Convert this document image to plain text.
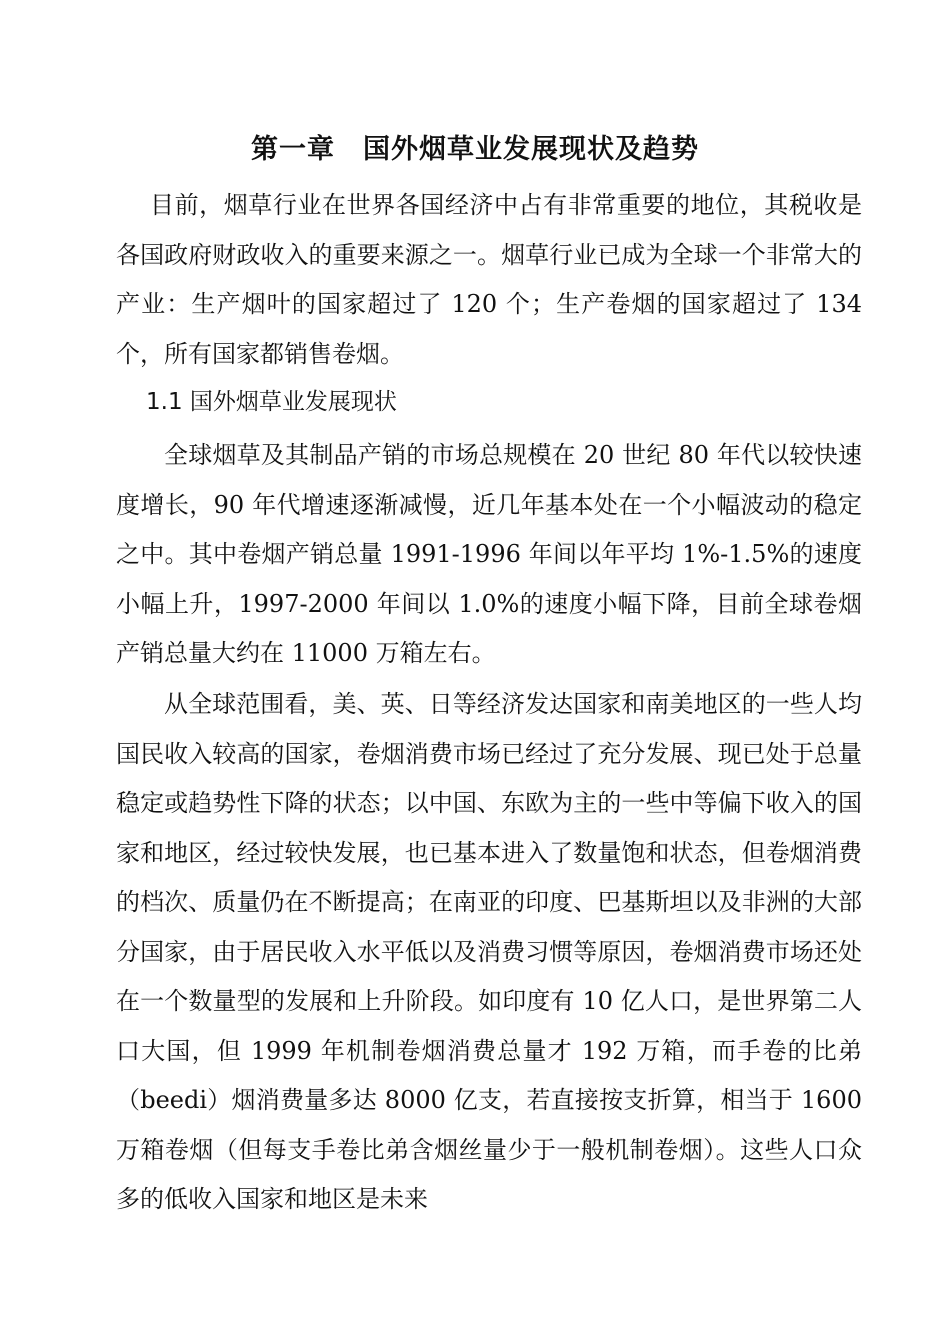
第一章　国外烟草业发展现状及趋势

目前，烟草行业在世界各国经济中占有非常重要的地位，其税收是各国政府财政收入的重要来源之一。烟草行业已成为全球一个非常大的产业：生产烟叶的国家超过了 120 个；生产卷烟的国家超过了 134 个，所有国家都销售卷烟。

1.1 国外烟草业发展现状

全球烟草及其制品产销的市场总规模在 20 世纪 80 年代以较快速度增长，90 年代增速逐渐减慢，近几年基本处在一个小幅波动的稳定之中。其中卷烟产销总量 1991-1996 年间以年平均 1%-1.5%的速度小幅上升，1997-2000 年间以 1.0%的速度小幅下降，目前全球卷烟产销总量大约在 11000 万箱左右。

从全球范围看，美、英、日等经济发达国家和南美地区的一些人均国民收入较高的国家，卷烟消费市场已经过了充分发展、现已处于总量稳定或趋势性下降的状态；以中国、东欧为主的一些中等偏下收入的国家和地区，经过较快发展，也已基本进入了数量饱和状态，但卷烟消费的档次、质量仍在不断提高；在南亚的印度、巴基斯坦以及非洲的大部分国家，由于居民收入水平低以及消费习惯等原因，卷烟消费市场还处在一个数量型的发展和上升阶段。如印度有 10 亿人口，是世界第二人口大国，但 1999 年机制卷烟消费总量才 192 万箱，而手卷的比弟（beedi）烟消费量多达 8000 亿支，若直接按支折算，相当于 1600 万箱卷烟（但每支手卷比弟含烟丝量少于一般机制卷烟）。这些人口众多的低收入国家和地区是未来
